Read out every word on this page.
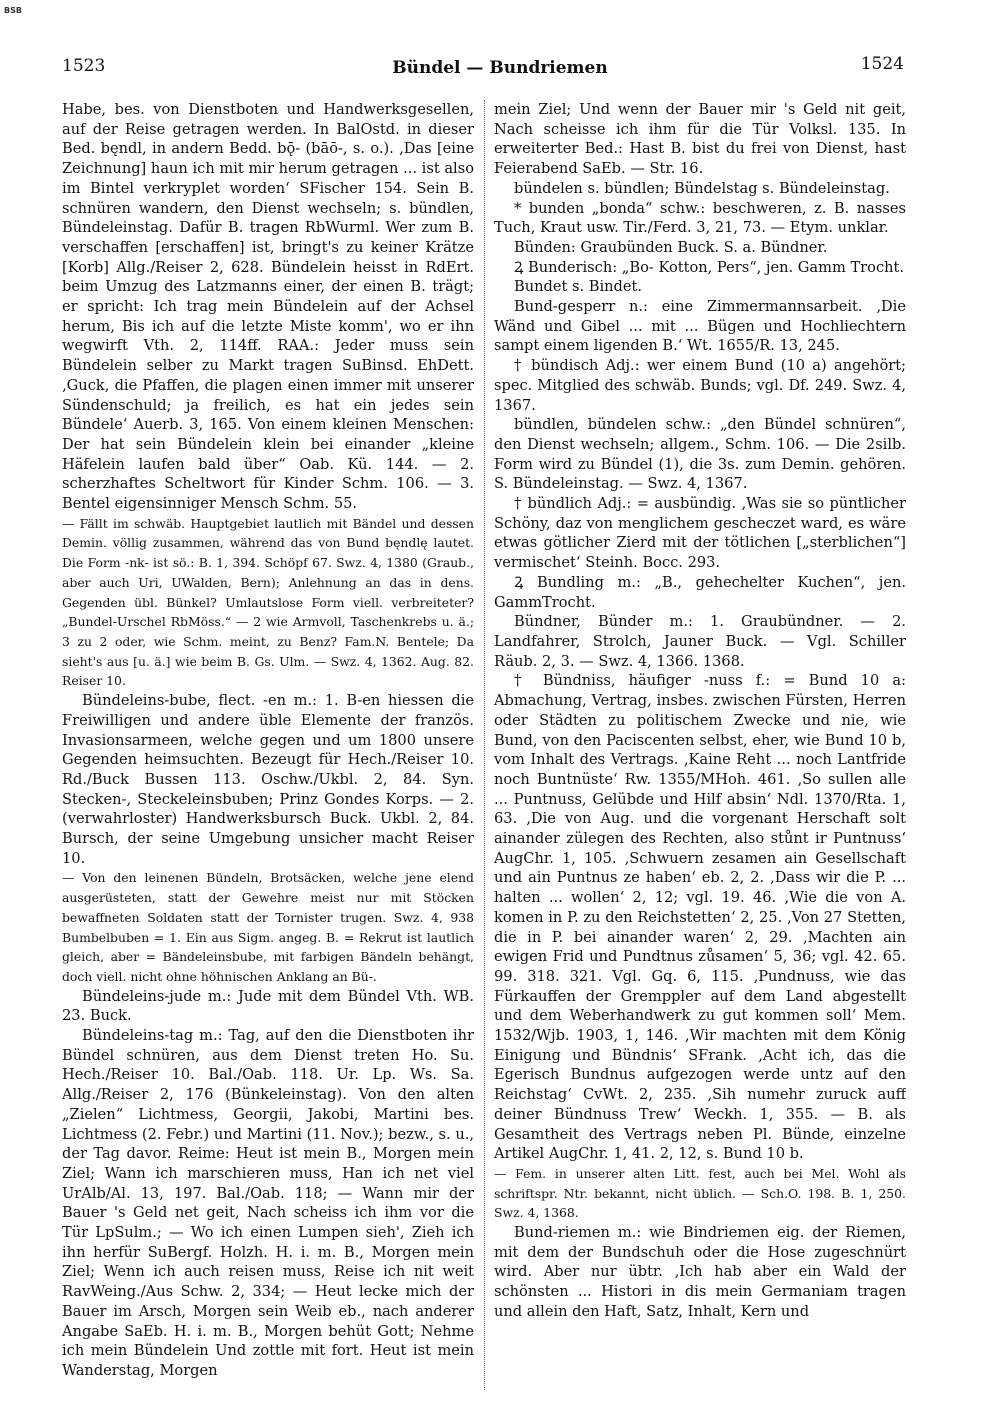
BSB
1523	Bündel — Bundriemen	1524

Habe, bes. von Dienstboten und Handwerksgesellen, auf der Reise getragen werden. In BalOstd. in dieser Bed. bęndl, in andern Bedd. bǭ- (bāō-, s. o.). ‚Das [eine Zeichnung] haun ich mit mir herum getragen ... ist also im Bintel verkryplet worden‘ SFischer 154. Sein B. schnüren wandern, den Dienst wechseln; s. bündlen, Bündeleinstag. Dafür B. tragen RbWurml. Wer zum B. verschaffen [erschaffen] ist, bringt's zu keiner Krätze [Korb] Allg./Reiser 2, 628. Bündelein heisst in RdErt. beim Umzug des Latzmanns einer, der einen B. trägt; er spricht: Ich trag mein Bündelein auf der Achsel herum, Bis ich auf die letzte Miste komm', wo er ihn wegwirft Vth. 2, 114ff. RAA.: Jeder muss sein Bündelein selber zu Markt tragen SuBinsd. EhDett. ‚Guck, die Pfaffen, die plagen einen immer mit unserer Sündenschuld; ja freilich, es hat ein jedes sein Bündele‘ Auerb. 3, 165. Von einem kleinen Menschen: Der hat sein Bündelein klein bei einander „kleine Häfelein laufen bald über“ Oab. Kü. 144. — 2. scherzhaftes Scheltwort für Kinder Schm. 106. — 3. Bentel eigensinniger Mensch Schm. 55.

— Fällt im schwäb. Hauptgebiet lautlich mit Bändel und dessen Demin. völlig zusammen, während das von Bund bęndlę lautet. Die Form -nk- ist sö.: B. 1, 394. Schöpf 67. Swz. 4, 1380 (Graub., aber auch Uri, UWalden, Bern); Anlehnung an das in dens. Gegenden übl. Bünkel? Umlautslose Form viell. verbreiteter? „Bundel-Urschel RbMöss.“ — 2 wie Armvoll, Taschenkrebs u. ä.; 3 zu 2 oder, wie Schm. meint, zu Benz? Fam.N. Bentele; Da sieht's aus [u. ä.] wie beim B. Gs. Ulm. — Swz. 4, 1362. Aug. 82. Reiser 10.

Bündeleins-bube, flect. -en m.: 1. B-en hiessen die Freiwilligen und andere üble Elemente der französ. Invasionsarmeen, welche gegen und um 1800 unsere Gegenden heimsuchten. Bezeugt für Hech./Reiser 10. Rd./Buck Bussen 113. Oschw./Ukbl. 2, 84. Syn. Stecken-, Steckeleinsbuben; Prinz Gondes Korps. — 2. (verwahrloster) Handwerksbursch Buck. Ukbl. 2, 84. Bursch, der seine Umgebung unsicher macht Reiser 10.

— Von den leinenen Bündeln, Brotsäcken, welche jene elend ausgerüsteten, statt der Gewehre meist nur mit Stöcken bewaffneten Soldaten statt der Tornister trugen. Swz. 4, 938 Bumbelbuben = 1. Ein aus Sigm. angeg. B. = Rekrut ist lautlich gleich, aber = Bändeleinsbube, mit farbigen Bändeln behängt, doch viell. nicht ohne höhnischen Anklang an Bü-.

Bündeleins-jude m.: Jude mit dem Bündel Vth. WB. 23. Buck.

Bündeleins-tag m.: Tag, auf den die Dienstboten ihr Bündel schnüren, aus dem Dienst treten Ho. Su. Hech./Reiser 10. Bal./Oab. 118. Ur. Lp. Ws. Sa. Allg./Reiser 2, 176 (Bünkeleinstag). Von den alten „Zielen“ Lichtmess, Georgii, Jakobi, Martini bes. Lichtmess (2. Febr.) und Martini (11. Nov.); bezw., s. u., der Tag davor. Reime: Heut ist mein B., Morgen mein Ziel; Wann ich marschieren muss, Han ich net viel UrAlb/Al. 13, 197. Bal./Oab. 118; — Wann mir der Bauer 's Geld net geit, Nach scheiss ich ihm vor die Tür LpSulm.; — Wo ich einen Lumpen sieh', Zieh ich ihn herfür SuBergf. Holzh. H. i. m. B., Morgen mein Ziel; Wenn ich auch reisen muss, Reise ich nit weit RavWeing./Aus Schw. 2, 334; — Heut lecke mich der Bauer im Arsch, Morgen sein Weib eb., nach anderer Angabe SaEb. H. i. m. B., Morgen behüt Gott; Nehme ich mein Bündelein Und zottle mit fort. Heut ist mein Wanderstag, Morgen

mein Ziel; Und wenn der Bauer mir 's Geld nit geit, Nach scheisse ich ihm für die Tür Volksl. 135. In erweiterter Bed.: Hast B. bist du frei von Dienst, hast Feierabend SaEb. — Str. 16.

bündelen s. bündlen; Bündelstag s. Bündeleinstag.

* bunden „bonda“ schw.: beschweren, z. B. nasses Tuch, Kraut usw. Tir./Ferd. 3, 21, 73. — Etym. unklar.

Bünden: Graubünden Buck. S. a. Bündner.

Ꝝ Bunderisch: „Bo- Kotton, Pers“, jen. Gamm Trocht.

Bundet s. Bindet.

Bund-gesperr n.: eine Zimmermannsarbeit. ‚Die Wänd und Gibel ... mit ... Bügen und Hochliechtern sampt einem ligenden B.‘ Wt. 1655/R. 13, 245.

† bündisch Adj.: wer einem Bund (10 a) angehört; spec. Mitglied des schwäb. Bunds; vgl. Df. 249. Swz. 4, 1367.

bündlen, bündelen schw.: „den Bündel schnüren“, den Dienst wechseln; allgem., Schm. 106. — Die 2silb. Form wird zu Bündel (1), die 3s. zum Demin. gehören. S. Bündeleinstag. — Swz. 4, 1367.

† bündlich Adj.: = ausbündig. ‚Was sie so püntlicher Schöny, daz von menglichem gescheczet ward, es wäre etwas götlicher Zierd mit der tötlichen [„sterblichen“] vermischet‘ Steinh. Bocc. 293.

Ꝝ Bundling m.: „B., gehechelter Kuchen“, jen. GammTrocht.

Bündner, Bünder m.: 1. Graubündner. — 2. Landfahrer, Strolch, Jauner Buck. — Vgl. Schiller Räub. 2, 3. — Swz. 4, 1366. 1368.

† Bündniss, häufiger -nuss f.: = Bund 10 a: Abmachung, Vertrag, insbes. zwischen Fürsten, Herren oder Städten zu politischem Zwecke und nie, wie Bund, von den Paciscenten selbst, eher, wie Bund 10 b, vom Inhalt des Vertrags. ‚Kaine Reht ... noch Lantfride noch Buntnüste‘ Rw. 1355/MHoh. 461. ‚So sullen alle ... Puntnuss, Gelübde und Hilf absin‘ Ndl. 1370/Rta. 1, 63. ‚Die von Aug. und die vorgenant Herschaft solt ainander zülegen des Rechten, also stůnt ir Puntnuss‘ AugChr. 1, 105. ‚Schwuern zesamen ain Gesellschaft und ain Puntnus ze haben‘ eb. 2, 2. ‚Dass wir die P. ... halten ... wollen‘ 2, 12; vgl. 19. 46. ‚Wie die von A. komen in P. zu den Reichstetten‘ 2, 25. ‚Von 27 Stetten, die in P. bei ainander waren‘ 2, 29. ‚Machten ain ewigen Frid und Pundtnus zůsamen‘ 5, 36; vgl. 42. 65. 99. 318. 321. Vgl. Gq. 6, 115. ‚Pundnuss, wie das Fürkauffen der Gremppler auf dem Land abgestellt und dem Weberhandwerk zu gut kommen soll‘ Mem. 1532/Wjb. 1903, 1, 146. ‚Wir machten mit dem König Einigung und Bündnis‘ SFrank. ‚Acht ich, das die Egerisch Bundnus aufgezogen werde untz auf den Reichstag‘ CvWt. 2, 235. ‚Sih numehr zuruck auff deiner Bündnuss Trew‘ Weckh. 1, 355. — B. als Gesamtheit des Vertrags neben Pl. Bünde, einzelne Artikel AugChr. 1, 41. 2, 12, s. Bund 10 b.

— Fem. in unserer alten Litt. fest, auch bei Mel. Wohl als schriftspr. Ntr. bekannt, nicht üblich. — Sch.O. 198. B. 1, 250. Swz. 4, 1368.

Bund-riemen m.: wie Bindriemen eig. der Riemen, mit dem der Bundschuh oder die Hose zugeschnürt wird. Aber nur übtr. ‚Ich hab aber ein Wald der schönsten ... Histori in dis mein Germaniam tragen und allein den Haft, Satz, Inhalt, Kern und
